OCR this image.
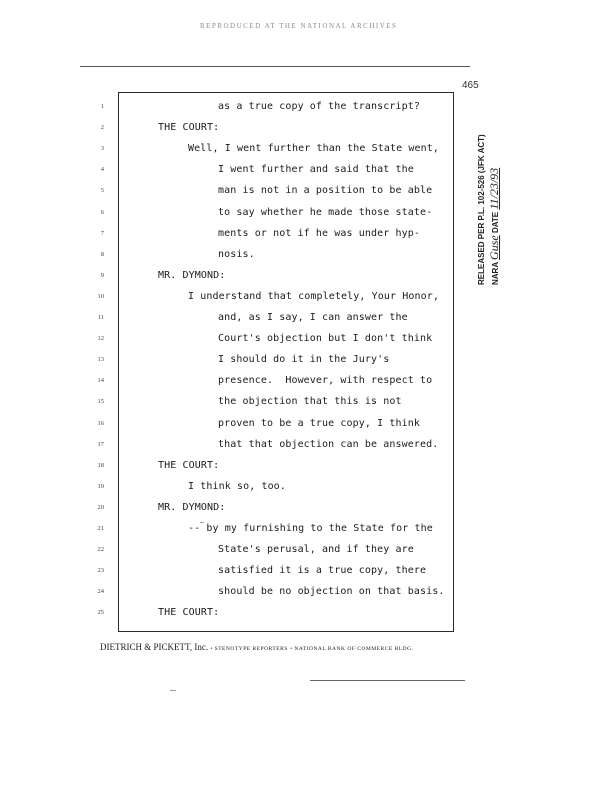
REPRODUCED AT THE NATIONAL ARCHIVES
465
1	as a true copy of the transcript?
2	THE COURT:
3	Well, I went further than the State went,
4	I went further and said that the
5	man is not in a position to be able
6	to say whether he made those state-
7	ments or not if he was under hyp-
8	nosis.
9	MR. DYMOND:
10	I understand that completely, Your Honor,
11	and, as I say, I can answer the
12	Court's objection but I don't think
13	I should do it in the Jury's
14	presence.  However, with respect to
15	the objection that this is not
16	proven to be a true copy, I think
17	that that objection can be answered.
18	THE COURT:
19	I think so, too.
20	MR. DYMOND:
21	-- by my furnishing to the State for the
22	State's perusal, and if they are
23	satisfied it is a true copy, there
24	should be no objection on that basis.
25	THE COURT:
RELEASED PER P.L. 102-526 (JFK ACT) NARA Guse DATE 11/23/93
DIETRICH & PICKETT, Inc. • STENOTYPE REPORTERS • NATIONAL BANK OF COMMERCE BLDG.
